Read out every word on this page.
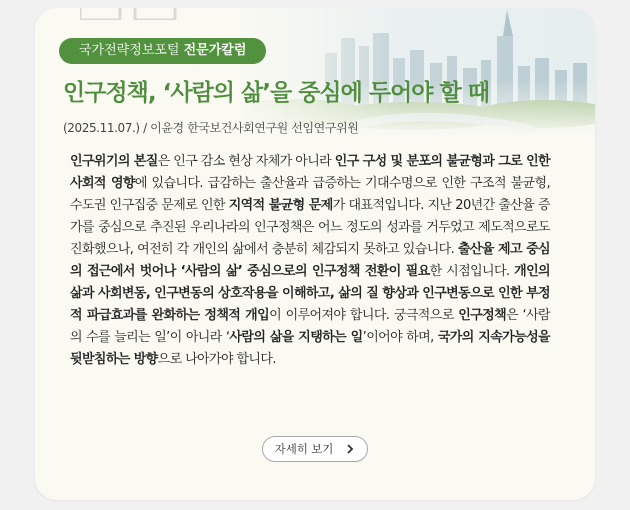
국가전략정보포털 전문가칼럼
인구정책, ‘사람의 삶’을 중심에 두어야 할 때
(2025.11.07.) / 이윤경 한국보건사회연구원 선임연구위원

인구위기의 본질은 인구 감소 현상 자체가 아니라 인구 구성 및 분포의 불균형과 그로 인한 사회적 영향에 있습니다. 급감하는 출산율과 급증하는 기대수명으로 인한 구조적 불균형, 수도권 인구집중 문제로 인한 지역적 불균형 문제가 대표적입니다. 지난 20년간 출산율 증가를 중심으로 추진된 우리나라의 인구정책은 어느 정도의 성과를 거두었고 제도적으로도 진화했으나, 여전히 각 개인의 삶에서 충분히 체감되지 못하고 있습니다. 출산율 제고 중심의 접근에서 벗어나 ‘사람의 삶’ 중심으로의 인구정책 전환이 필요한 시점입니다. 개인의 삶과 사회변동, 인구변동의 상호작용을 이해하고, 삶의 질 향상과 인구변동으로 인한 부정적 파급효과를 완화하는 정책적 개입이 이루어져야 합니다. 궁극적으로 인구정책은 ‘사람의 수를 늘리는 일’이 아니라 ‘사람의 삶을 지탱하는 일’이어야 하며, 국가의 지속가능성을 뒷받침하는 방향으로 나아가야 합니다.

자세히 보기
